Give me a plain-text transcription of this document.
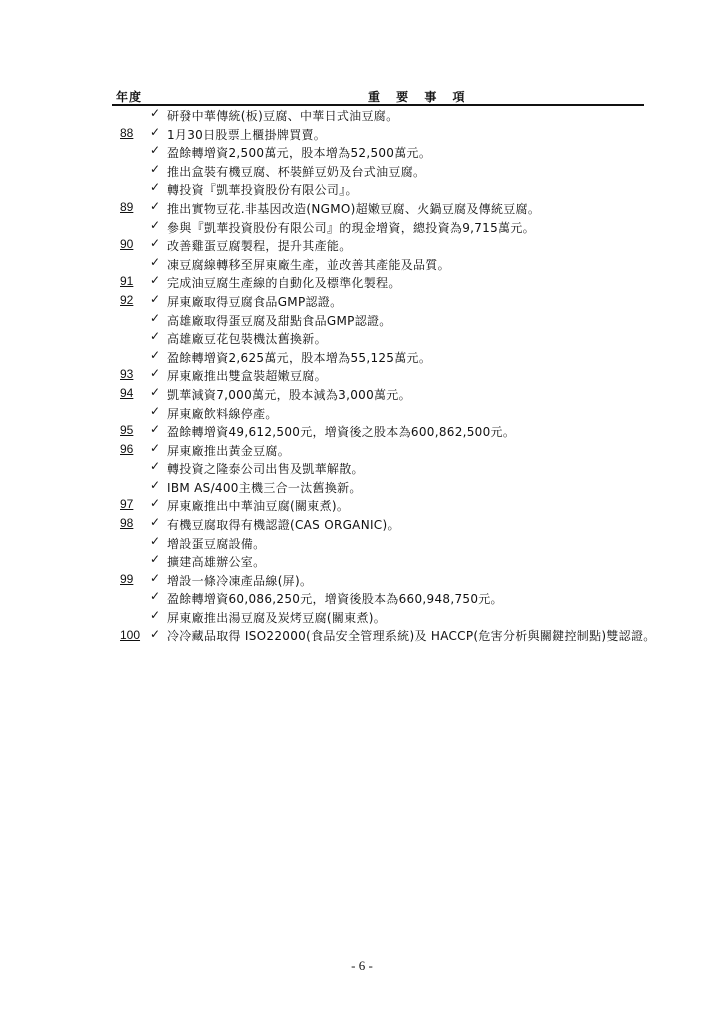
年度	重 要 事 項
✓ 研發中華傳統(板)豆腐、中華日式油豆腐。
88	✓ 1月30日股票上櫃掛牌買賣。
✓ 盈餘轉增資2,500萬元，股本增為52,500萬元。
✓ 推出盒裝有機豆腐、杯裝鮮豆奶及台式油豆腐。
✓ 轉投資『凱華投資股份有限公司』。
89	✓ 推出實物豆花.非基因改造(NGMO)超嫩豆腐、火鍋豆腐及傳統豆腐。
✓ 參與『凱華投資股份有限公司』的現金增資，總投資為9,715萬元。
90	✓ 改善雞蛋豆腐製程，提升其產能。
✓ 凍豆腐線轉移至屏東廠生產，並改善其產能及品質。
91	✓ 完成油豆腐生產線的自動化及標準化製程。
92	✓ 屏東廠取得豆腐食品GMP認證。
✓ 高雄廠取得蛋豆腐及甜點食品GMP認證。
✓ 高雄廠豆花包裝機汰舊換新。
✓ 盈餘轉增資2,625萬元，股本增為55,125萬元。
93	✓ 屏東廠推出雙盒裝超嫩豆腐。
94	✓ 凱華減資7,000萬元，股本減為3,000萬元。
✓ 屏東廠飲料線停產。
95	✓ 盈餘轉增資49,612,500元，增資後之股本為600,862,500元。
96	✓ 屏東廠推出黃金豆腐。
✓ 轉投資之隆泰公司出售及凱華解散。
✓ IBM AS/400主機三合一汰舊換新。
97	✓ 屏東廠推出中華油豆腐(關東煮)。
98	✓ 有機豆腐取得有機認證(CAS ORGANIC)。
✓ 增設蛋豆腐設備。
✓ 擴建高雄辦公室。
99	✓ 增設一條冷凍產品線(屏)。
✓ 盈餘轉增資60,086,250元，增資後股本為660,948,750元。
✓ 屏東廠推出湯豆腐及炭烤豆腐(關東煮)。
100 ✓ 冷冷藏品取得 ISO22000(食品安全管理系統)及 HACCP(危害分析與關鍵控制點)雙認證。
- 6 -
